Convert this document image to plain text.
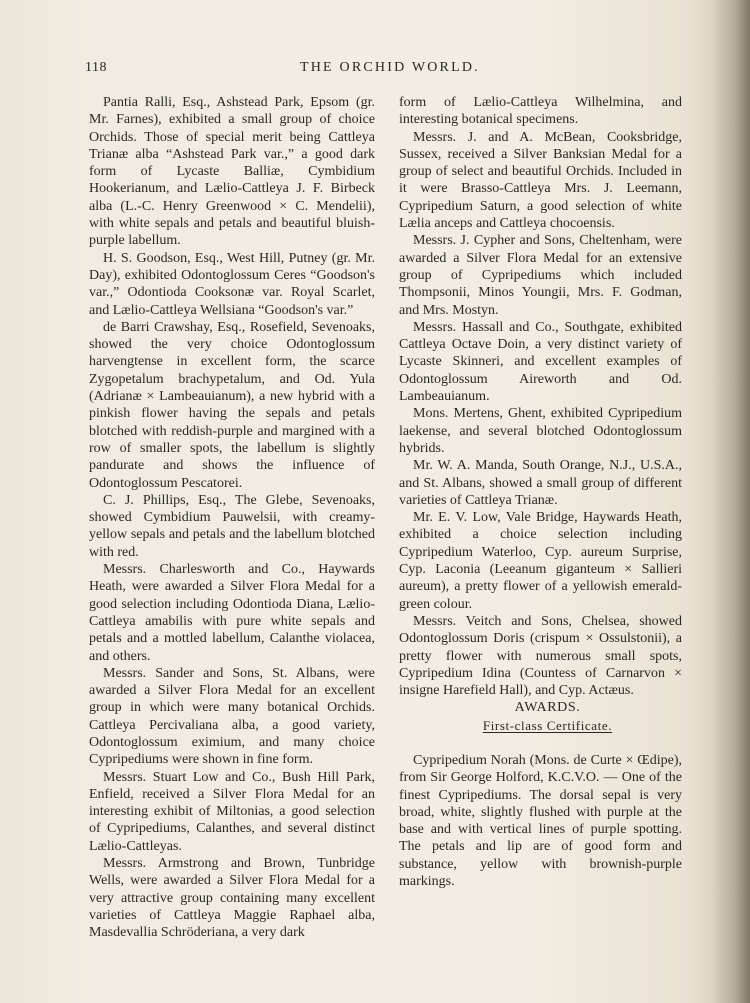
118	THE ORCHID WORLD.

Pantia Ralli, Esq., Ashstead Park, Epsom (gr. Mr. Farnes), exhibited a small group of choice Orchids. Those of special merit being Cattleya Trianæ alba “Ashstead Park var.,” a good dark form of Lycaste Balliæ, Cymbidium Hookerianum, and Lælio-Cattleya J. F. Birbeck alba (L.-C. Henry Greenwood × C. Mendelii), with white sepals and petals and beautiful bluish-purple labellum.

H. S. Goodson, Esq., West Hill, Putney (gr. Mr. Day), exhibited Odontoglossum Ceres “Goodson's var.,” Odontioda Cooksonæ var. Royal Scarlet, and Lælio-Cattleya Wellsiana “Goodson's var.”

de Barri Crawshay, Esq., Rosefield, Sevenoaks, showed the very choice Odontoglossum harvengtense in excellent form, the scarce Zygopetalum brachypetalum, and Od. Yula (Adrianæ × Lambeauianum), a new hybrid with a pinkish flower having the sepals and petals blotched with reddish-purple and margined with a row of smaller spots, the labellum is slightly pandurate and shows the influence of Odontoglossum Pescatorei.

C. J. Phillips, Esq., The Glebe, Sevenoaks, showed Cymbidium Pauwelsii, with creamy-yellow sepals and petals and the labellum blotched with red.

Messrs. Charlesworth and Co., Haywards Heath, were awarded a Silver Flora Medal for a good selection including Odontioda Diana, Lælio-Cattleya amabilis with pure white sepals and petals and a mottled labellum, Calanthe violacea, and others.

Messrs. Sander and Sons, St. Albans, were awarded a Silver Flora Medal for an excellent group in which were many botanical Orchids. Cattleya Percivaliana alba, a good variety, Odontoglossum eximium, and many choice Cypripediums were shown in fine form.

Messrs. Stuart Low and Co., Bush Hill Park, Enfield, received a Silver Flora Medal for an interesting exhibit of Miltonias, a good selection of Cypripediums, Calanthes, and several distinct Lælio-Cattleyas.

Messrs. Armstrong and Brown, Tunbridge Wells, were awarded a Silver Flora Medal for a very attractive group containing many excellent varieties of Cattleya Maggie Raphael alba, Masdevallia Schröderiana, a very dark

form of Lælio-Cattleya Wilhelmina, and interesting botanical specimens.

Messrs. J. and A. McBean, Cooksbridge, Sussex, received a Silver Banksian Medal for a group of select and beautiful Orchids. Included in it were Brasso-Cattleya Mrs. J. Leemann, Cypripedium Saturn, a good selection of white Lælia anceps and Cattleya chocoensis.

Messrs. J. Cypher and Sons, Cheltenham, were awarded a Silver Flora Medal for an extensive group of Cypripediums which included Thompsonii, Minos Youngii, Mrs. F. Godman, and Mrs. Mostyn.

Messrs. Hassall and Co., Southgate, exhibited Cattleya Octave Doin, a very distinct variety of Lycaste Skinneri, and excellent examples of Odontoglossum Aireworth and Od. Lambeauianum.

Mons. Mertens, Ghent, exhibited Cypripedium laekense, and several blotched Odontoglossum hybrids.

Mr. W. A. Manda, South Orange, N.J., U.S.A., and St. Albans, showed a small group of different varieties of Cattleya Trianæ.

Mr. E. V. Low, Vale Bridge, Haywards Heath, exhibited a choice selection including Cypripedium Waterloo, Cyp. aureum Surprise, Cyp. Laconia (Leeanum giganteum × Sallieri aureum), a pretty flower of a yellowish emerald-green colour.

Messrs. Veitch and Sons, Chelsea, showed Odontoglossum Doris (crispum × Ossulstonii), a pretty flower with numerous small spots, Cypripedium Idina (Countess of Carnarvon × insigne Harefield Hall), and Cyp. Actæus.

AWARDS.

First-class Certificate.

Cypripedium Norah (Mons. de Curte × Œdipe), from Sir George Holford, K.C.V.O. — One of the finest Cypripediums. The dorsal sepal is very broad, white, slightly flushed with purple at the base and with vertical lines of purple spotting. The petals and lip are of good form and substance, yellow with brownish-purple markings.
